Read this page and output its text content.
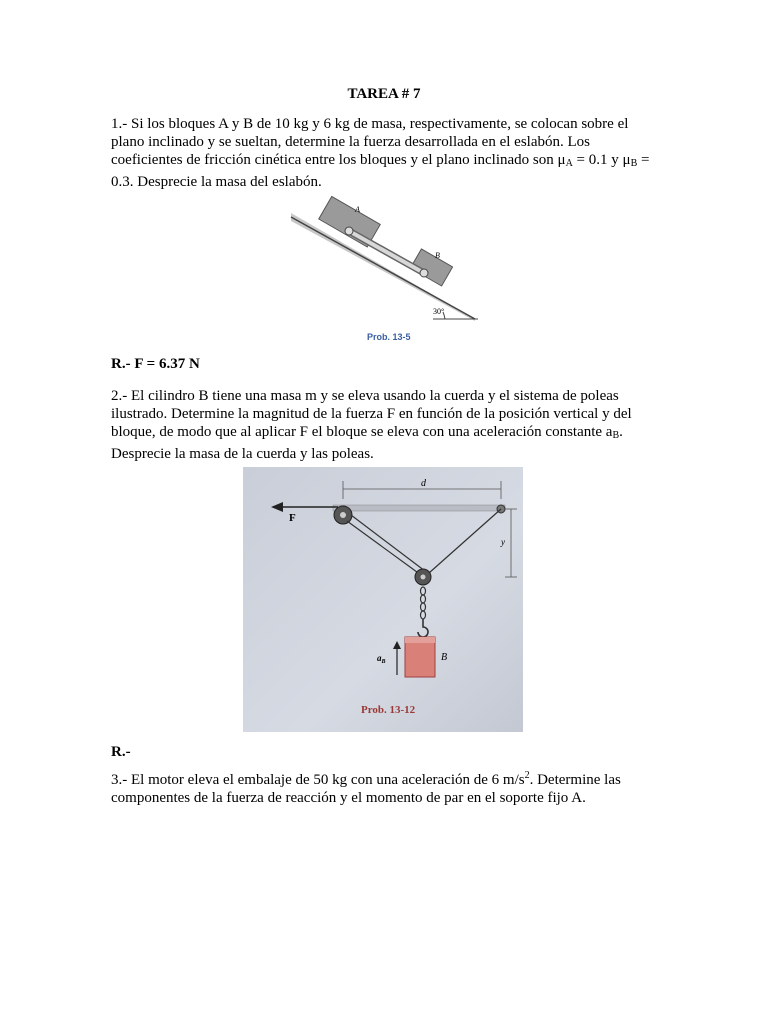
TAREA # 7
1.- Si los bloques A y B de 10 kg y 6 kg de masa, respectivamente, se colocan sobre el plano inclinado y se sueltan, determine la fuerza desarrollada en el eslabón. Los coeficientes de fricción cinética entre los bloques y el plano inclinado son $\mu_A = 0.1$ y $\mu_B = 0.3$. Desprecie la masa del eslabón.
A
B
30°
Prob. 13-5
R.- F = 6.37 N
2.- El cilindro B tiene una masa m y se eleva usando la cuerda y el sistema de poleas ilustrado. Determine la magnitud de la fuerza F en función de la posición vertical y del bloque, de modo que al aplicar F el bloque se eleva con una aceleración constante $a_B$. Desprecie la masa de la cuerda y las poleas.
d
F
y
B
$a_B$
Prob. 13-12
R.-
3.- El motor eleva el embalaje de 50 kg con una aceleración de 6 $m/s^2$. Determine las componentes de la fuerza de reacción y el momento de par en el soporte fijo A.
